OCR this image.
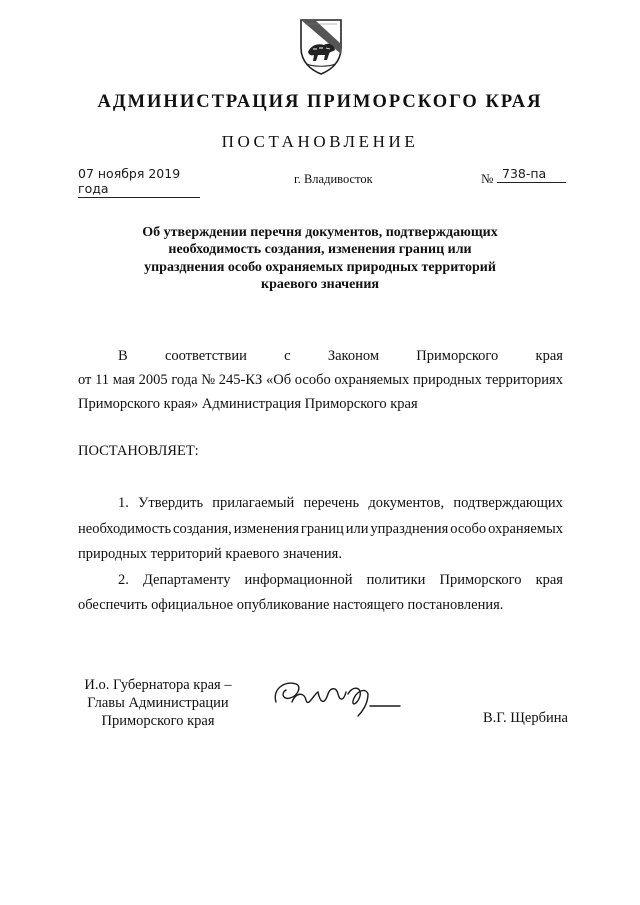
АДМИНИСТРАЦИЯ ПРИМОРСКОГО КРАЯ
ПОСТАНОВЛЕНИЕ
07 ноября 2019 года
г. Владивосток	№ 738-па
Об утверждении перечня документов, подтверждающих
необходимость создания, изменения границ или
упразднения особо охраняемых природных территорий
краевого значения
В	соответствии	с	Законом	Приморского	края
от 11 мая 2005 года № 245-КЗ «Об особо охраняемых природных территориях
Приморского края» Администрация Приморского края
ПОСТАНОВЛЯЕТ:
1. Утвердить прилагаемый перечень документов, подтверждающих
необходимость создания, изменения границ или упразднения особо охраняемых
природных территорий краевого значения.
2. Департаменту информационной политики Приморского края
обеспечить официальное опубликование настоящего постановления.
И.о. Губернатора края –
Главы Администрации
Приморского края	В.Г. Щербина
